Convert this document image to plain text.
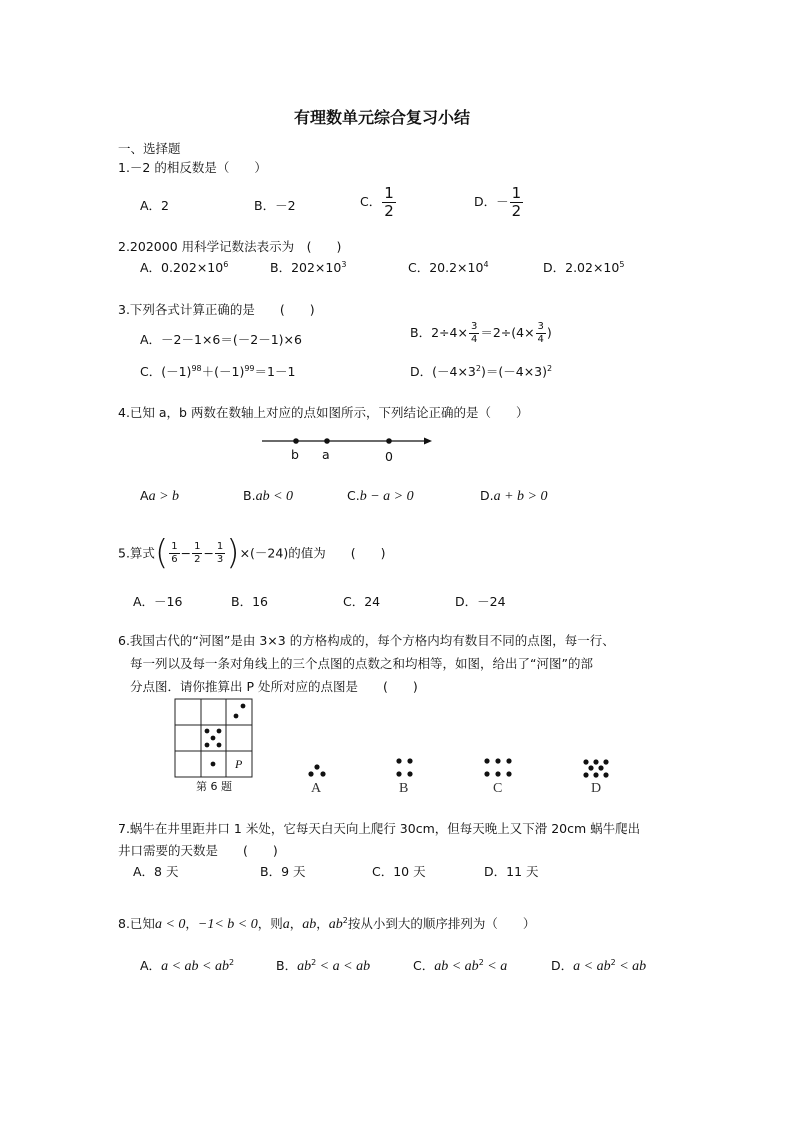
有理数单元综合复习小结
一、选择题
1.－2 的相反数是（　　）
A．2	B．－2	C． $\frac{1}{2}$	D．－ $\frac{1}{2}$
2.202000 用科学记数法表示为　(　　)
A．$0.202\times 10^6$	B．$202\times 10^3$	C．$20.2\times 10^4$	D．$2.02\times 10^5$
3.下列各式计算正确的是　　(　　)
A．－2－1×6＝(－2－1)×6	B．$2\div 4\times \frac{3}{4} =2\div(4\times \frac{3}{4}$ )
C．$(-1)^{98}+(-1)^{99}=1-1$	D．$(-4\times 3^2)=(-4\times 3)^2$
4.已知 a，b 两数在数轴上对应的点如图所示，下列结论正确的是（　　）
b a	0
Aa > b	B.ab < 0	C.b − a > 0	D.a + b > 0
5.算式( $\frac{1}{6} - \frac{1}{2} - \frac{1}{3} )\times(-24)$的值为　　(　　)
A．－16	B．16	C．24	D．－24
6.我国古代的“河图”是由 3×3 的方格构成的，每个方格内均有数目不同的点图，每一行、
每一列以及每一条对角线上的三个点图的点数之和均相等，如图，给出了“河图”的部
分点图．请你推算出 P 处所对应的点图是　　(　　)
P
第 6 题	A	B	C	D
7.蜗牛在井里距井口 1 米处，它每天白天向上爬行 30cm，但每天晚上又下滑 20cm 蜗牛爬出
井口需要的天数是　　(　　)
A．8 天	B．9 天	C．10 天	D．11 天
8.已知a < 0，−1< b < 0，则a，ab，$ab^2$按从小到大的顺序排列为（　　）
A．a < ab < $ab^2$	B．$ab^2 < a$ < ab	C．ab < $ab^2 < a$	D．$a < ab^2$ < ab
